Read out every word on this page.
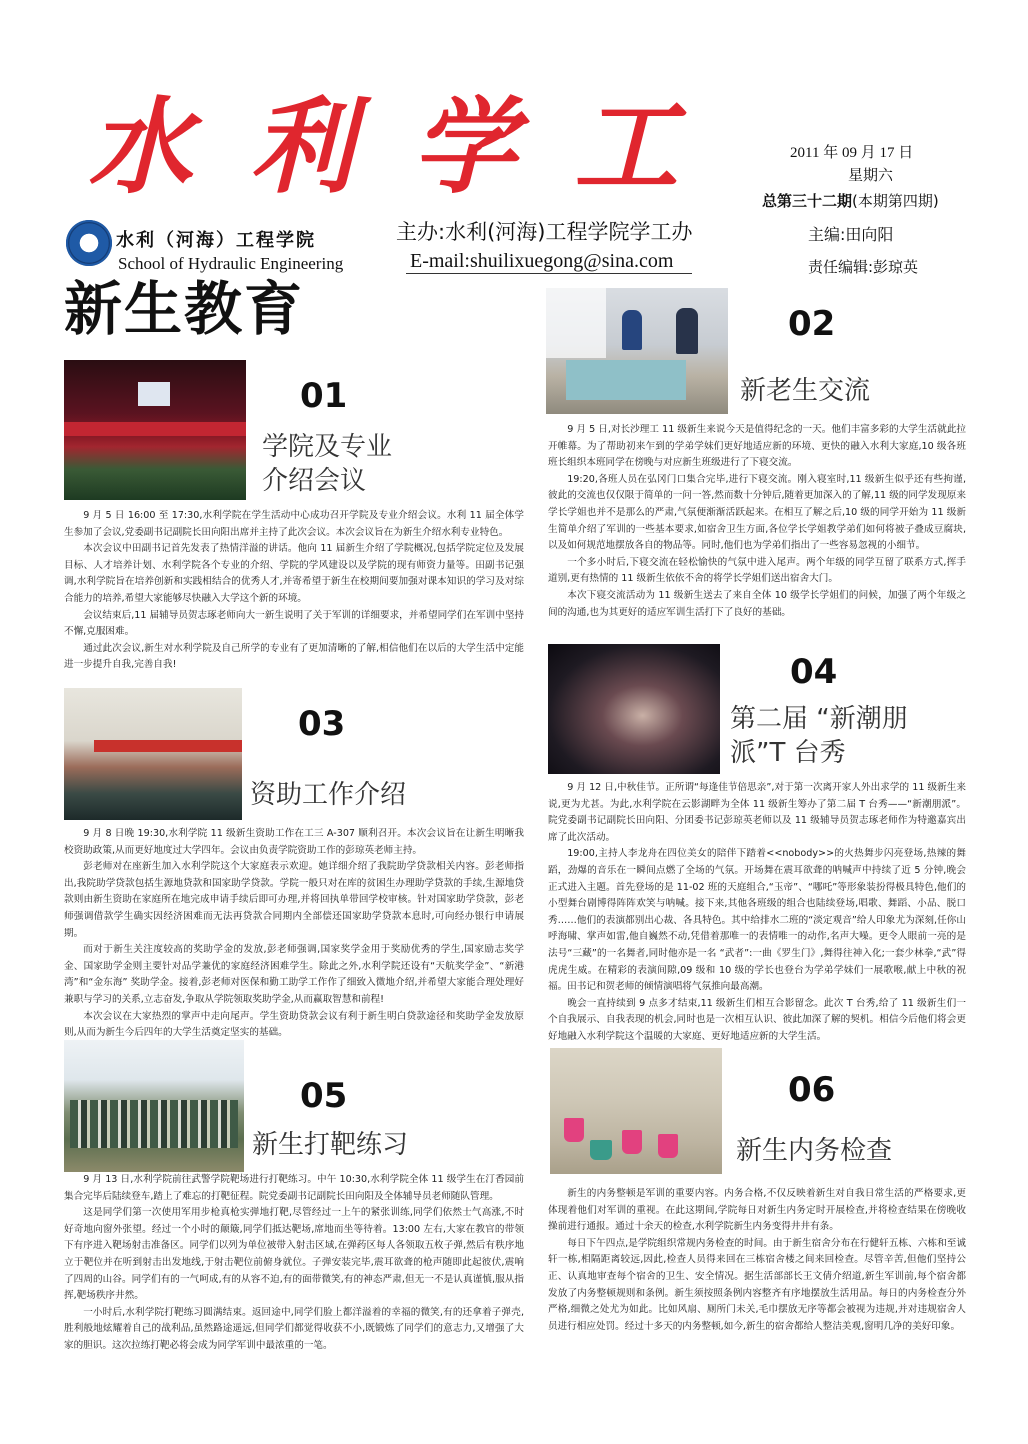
水利学工
水利（河海）工程学院
School of Hydraulic Engineering
主办:水利(河海)工程学院学工办
E-mail:shuilixuegong@sina.com
2011 年 09 月 17 日
星期六
总第三十二期(本期第四期)
主编:田向阳
责任编辑:彭琼英
新生教育
01
学院及专业
介绍会议

9 月 5 日 16:00 至 17:30,水利学院在学生活动中心成功召开学院及专业介绍会议。水利 11 届全体学生参加了会议,党委副书记副院长田向阳出席并主持了此次会议。本次会议旨在为新生介绍水利专业特色。

本次会议中田副书记首先发表了热情洋溢的讲话。他向 11 届新生介绍了学院概况,包括学院定位及发展目标、人才培养计划、水利学院各个专业的介绍、学院的学风建设以及学院的现有师资力量等。田副书记强调,水利学院旨在培养创新和实践相结合的优秀人才,并寄希望于新生在校期间要加强对课本知识的学习及对综合能力的培养,希望大家能够尽快融入大学这个新的环境。

会议结束后,11 届辅导员贺志琢老师向大一新生说明了关于军训的详细要求，并希望同学们在军训中坚持不懈,克服困难。

通过此次会议,新生对水利学院及自己所学的专业有了更加清晰的了解,相信他们在以后的大学生活中定能进一步提升自我,完善自我!

02
新老生交流

9 月 5 日,对长沙理工 11 级新生来说今天是值得纪念的一天。他们丰富多彩的大学生活就此拉开帷幕。为了帮助初来乍到的学弟学妹们更好地适应新的环境、更快的融入水利大家庭,10 级各班班长组织本班同学在傍晚与对应新生班级进行了下寝交流。

19:20,各班人员在弘冈门口集合完毕,进行下寝交流。刚入寝室时,11 级新生似乎还有些拘谨,彼此的交流也仅仅限于简单的一问一答,然而数十分钟后,随着更加深入的了解,11 级的同学发现原来学长学姐也并不是那么的严肃,气氛便渐渐活跃起来。在相互了解之后,10 级的同学开始为 11 级新生简单介绍了军训的一些基本要求,如宿舍卫生方面,各位学长学姐教学弟们如何将被子叠成豆腐块,以及如何规范地摆放各自的物品等。同时,他们也为学弟们指出了一些容易忽视的小细节。

一个多小时后,下寝交流在轻松愉快的气氛中进入尾声。两个年级的同学互留了联系方式,挥手道别,更有热情的 11 级新生依依不舍的将学长学姐们送出宿舍大门。

本次下寝交流活动为 11 级新生送去了来自全体 10 级学长学姐们的问候，加强了两个年级之间的沟通,也为其更好的适应军训生活打下了良好的基础。

03
资助工作介绍

9 月 8 日晚 19:30,水利学院 11 级新生资助工作在工三 A-307 顺利召开。本次会议旨在让新生明晰我校资助政策,从而更好地度过大学四年。会议由负责学院资助工作的彭琼英老师主持。

彭老师对在座新生加入水利学院这个大家庭表示欢迎。她详细介绍了我院助学贷款相关内容。彭老师指出,我院助学贷款包括生源地贷款和国家助学贷款。学院一般只对在库的贫困生办理助学贷款的手续,生源地贷款则由新生资助在家庭所在地完成申请手续后即可办理,并将回执单带回学校审核。针对国家助学贷款，彭老师强调借款学生确实因经济困难而无法再贷款合同期内全部偿还国家助学贷款本息时,可向经办银行申请展期。

而对于新生关注度较高的奖助学金的发放,彭老师强调,国家奖学金用于奖励优秀的学生,国家励志奖学金、国家助学金则主要针对品学兼优的家庭经济困难学生。除此之外,水利学院还设有“天航奖学金”、“新港湾”和“金东海” 奖助学金。接着,彭老师对医保和勤工助学工作作了细致入微地介绍,并希望大家能合理处理好兼职与学习的关系,立志奋发,争取从学院领取奖助学金,从而赢取智慧和前程!

本次会议在大家热烈的掌声中走向尾声。学生资助贷款会议有利于新生明白贷款途径和奖助学金发放原则,从而为新生今后四年的大学生活奠定坚实的基础。

04
第二届 “新潮朋
派”T 台秀

9 月 12 日,中秋佳节。正所谓“每逢佳节倍思亲”,对于第一次离开家人外出求学的 11 级新生来说,更为尤甚。为此,水利学院在云影湖畔为全体 11 级新生筹办了第二届 T 台秀——“新潮朋派”。院党委副书记副院长田向阳、分团委书记彭琼英老师以及 11 级辅导员贺志琢老师作为特邀嘉宾出席了此次活动。

19:00,主持人李龙舟在四位美女的陪伴下踏着<<nobody>>的火热舞步闪亮登场,热辣的舞蹈，劲爆的音乐在一瞬间点燃了全场的气氛。开场舞在震耳欲聋的呐喊声中持续了近 5 分钟,晚会正式进入主题。首先登场的是 11-02 班的天庭组合,“玉帝”、“哪吒”等形象装扮得极具特色,他们的小型舞台剧博得阵阵欢笑与呐喊。接下来,其他各班级的组合也陆续登场,唱歌、舞蹈、小品、脱口秀……他们的表演都别出心裁、各具特色。其中给排水二班的“淡定观音”给人印象尤为深刻,任你山呼海啸、掌声如雷,他自巍然不动,凭借着那唯一的表情唯一的动作,名声大噪。更令人眼前一亮的是法号“三藏”的一名舞者,同时他亦是一名 “武者”:一曲《罗生门》,舞得往神入化;一套少林拳,“武”得虎虎生威。在精彩的表演间隙,09 级和 10 级的学长也登台为学弟学妹们一展歌喉,献上中秋的祝福。田书记和贺老师的倾情演唱将气氛推向最高潮。

晚会一直持续到 9 点多才结束,11 级新生们相互合影留念。此次 T 台秀,给了 11 级新生们一个自我展示、自我表现的机会,同时也是一次相互认识、彼此加深了解的契机。相信今后他们将会更好地融入水利学院这个温暖的大家庭、更好地适应新的大学生活。

05
新生打靶练习

9 月 13 日,水利学院前往武警学院靶场进行打靶练习。中午 10:30,水利学院全体 11 级学生在汀香园前集合完毕后陆续登车,踏上了难忘的打靶征程。院党委副书记副院长田向阳及全体辅导员老师随队管理。

这是同学们第一次使用军用步枪真枪实弹地打靶,尽管经过一上午的紧张训练,同学们依然士气高涨,不时好奇地向窗外张望。经过一个小时的颠簸,同学们抵达靶场,席地而坐等待着。13:00 左右,大家在教官的带领下有序进入靶场射击准备区。同学们以列为单位被带入射击区域,在弹药区每人各领取五枚子弹,然后有秩序地立于靶位并在听到射击出发地线,于射击靶位前俯身就位。子弹安装完毕,震耳欲聋的枪声随即此起彼伏,震响了四周的山谷。同学们有的一气呵成,有的从容不迫,有的面带微笑,有的神态严肃,但无一不是认真谨慎,服从指挥,靶场秩序井然。

一小时后,水利学院打靶练习圆满结束。返回途中,同学们脸上都洋溢着的幸福的微笑,有的还拿着子弹壳,胜利般地炫耀着自己的战利品,虽然路途遥远,但同学们都觉得收获不小,既锻炼了同学们的意志力,又增强了大家的胆识。这次拉练打靶必将会成为同学军训中最浓重的一笔。

06
新生内务检查

新生的内务整顿是军训的重要内容。内务合格,不仅反映着新生对自我日常生活的严格要求,更体现着他们对军训的重视。在此这期间,学院每日对新生内务定时开展检查,并将检查结果在傍晚收操前进行通报。通过十余天的检查,水利学院新生内务变得井井有条。

每日下午四点,是学院组织常规内务检查的时间。由于新生宿舍分布在行健轩五栋、六栋和至诚轩一栋,相隔距离较远,因此,检查人员得来回在三栋宿舍楼之间来回检查。尽管辛苦,但他们坚持公正、认真地审查每个宿舍的卫生、安全情况。据生活部部长王文倩介绍道,新生军训前,每个宿舍都发放了内务整顿规则和条例。新生须按照条例内容整齐有序地摆放生活用品。每日的内务检查分外严格,细微之处尤为如此。比如风扇、厕所门未关,毛巾摆放无序等都会被视为违规,并对违规宿舍人员进行相应处罚。经过十多天的内务整顿,如今,新生的宿舍都给人整洁美观,窗明几净的美好印象。
